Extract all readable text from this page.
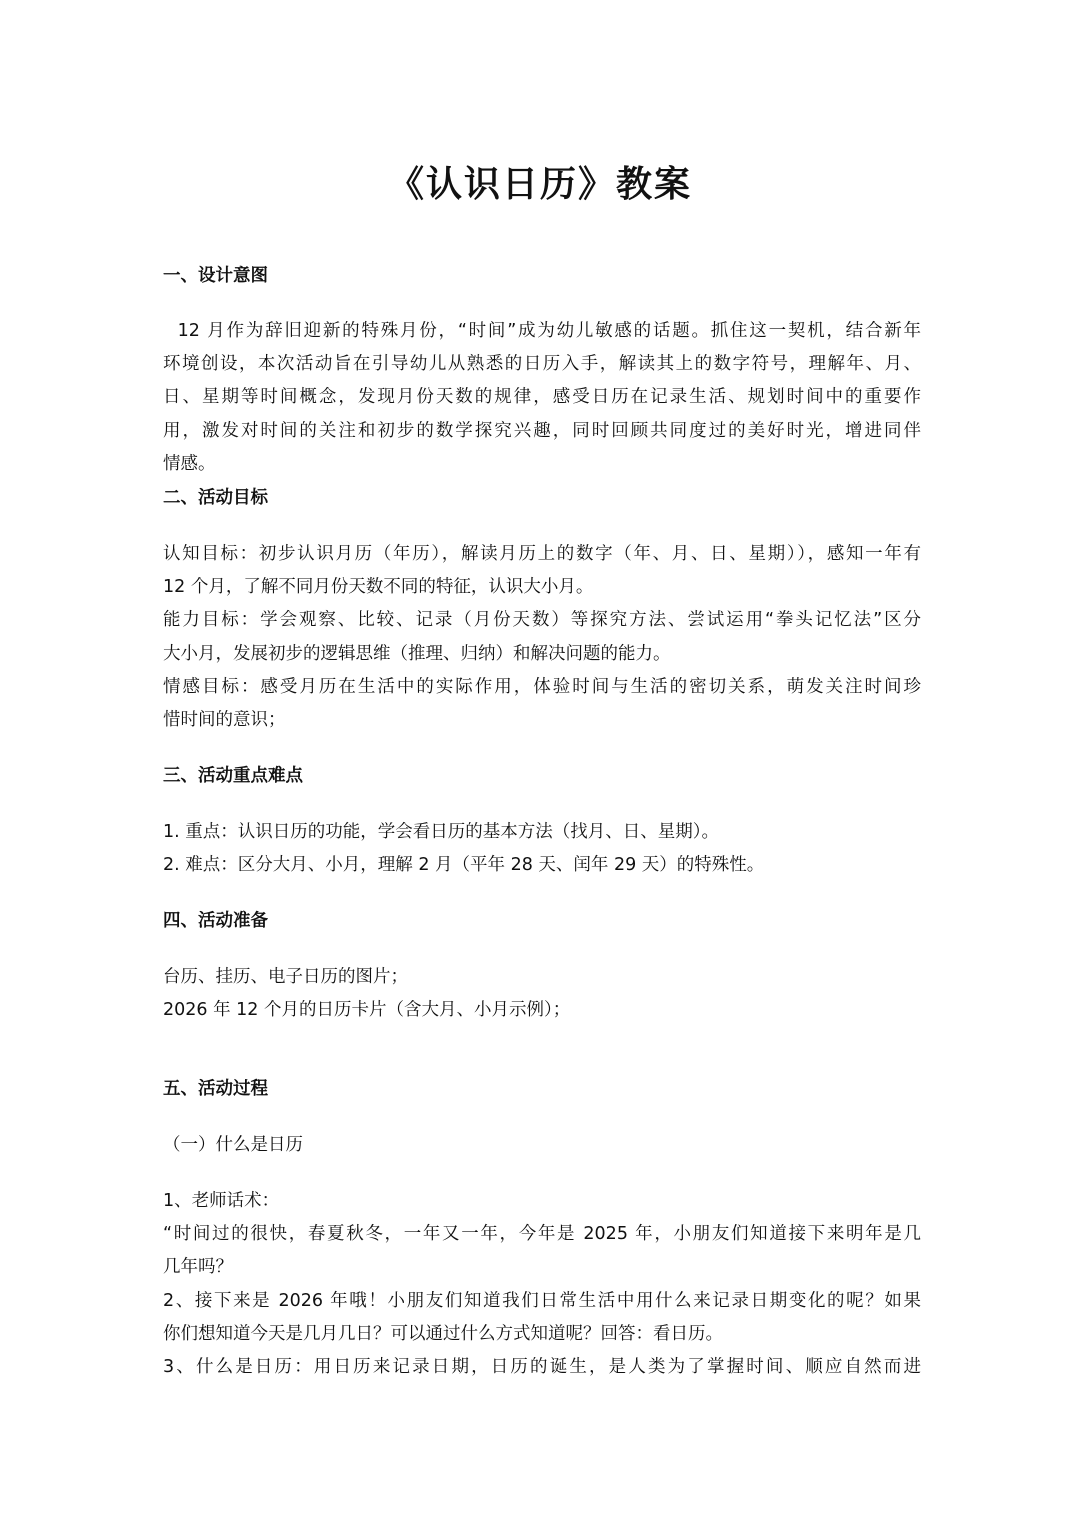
《认识日历》教案
一、设计意图
12 月作为辞旧迎新的特殊月份，“时间”成为幼儿敏感的话题。抓住这一契机，结合新年
环境创设，本次活动旨在引导幼儿从熟悉的日历入手，解读其上的数字符号，理解年、月、
日、星期等时间概念，发现月份天数的规律，感受日历在记录生活、规划时间中的重要作
用，激发对时间的关注和初步的数学探究兴趣，同时回顾共同度过的美好时光，增进同伴
情感。
二、活动目标
认知目标：初步认识月历（年历），解读月历上的数字（年、月、日、星期）），感知一年有
12 个月，了解不同月份天数不同的特征，认识大小月。
能力目标：学会观察、比较、记录（月份天数）等探究方法、尝试运用“拳头记忆法”区分
大小月，发展初步的逻辑思维（推理、归纳）和解决问题的能力。
情感目标：感受月历在生活中的实际作用，体验时间与生活的密切关系，萌发关注时间珍
惜时间的意识；
三、活动重点难点
1. 重点：认识日历的功能，学会看日历的基本方法（找月、日、星期）。
2. 难点：区分大月、小月，理解 2 月（平年 28 天、闰年 29 天）的特殊性。
四、活动准备
台历、挂历、电子日历的图片；
2026 年 12 个月的日历卡片（含大月、小月示例）；
五、活动过程
（一）什么是日历
1、老师话术：
“时间过的很快，春夏秋冬，一年又一年，今年是 2025 年，小朋友们知道接下来明年是几
几年吗？
2、接下来是 2026 年哦！小朋友们知道我们日常生活中用什么来记录日期变化的呢？如果
你们想知道今天是几月几日？可以通过什么方式知道呢？回答：看日历。
3、什么是日历：用日历来记录日期，日历的诞生，是人类为了掌握时间、顺应自然而进
